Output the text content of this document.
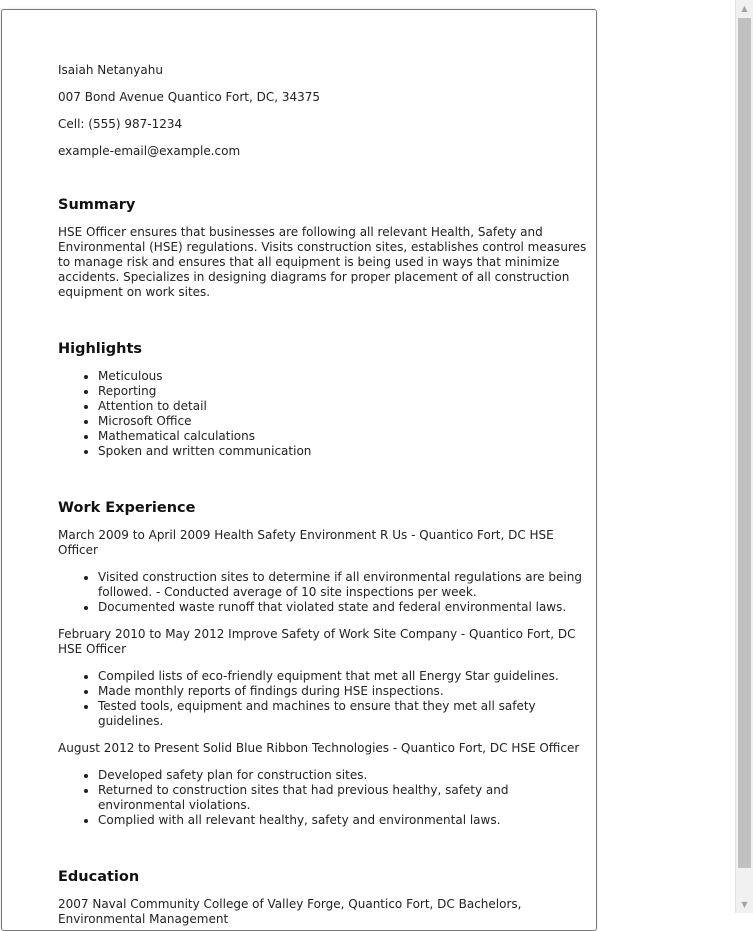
Isaiah Netanyahu

007 Bond Avenue Quantico Fort, DC, 34375

Cell: (555) 987-1234

example-email@example.com

Summary

HSE Officer ensures that businesses are following all relevant Health, Safety and Environmental (HSE) regulations. Visits construction sites, establishes control measures to manage risk and ensures that all equipment is being used in ways that minimize accidents. Specializes in designing diagrams for proper placement of all construction equipment on work sites.

Highlights
• Meticulous
• Reporting
• Attention to detail
• Microsoft Office
• Mathematical calculations
• Spoken and written communication
Work Experience

March 2009 to April 2009 Health Safety Environment R Us - Quantico Fort, DC HSE Officer

• Visited construction sites to determine if all environmental regulations are being followed. - Conducted average of 10 site inspections per week.
• Documented waste runoff that violated state and federal environmental laws.

February 2010 to May 2012 Improve Safety of Work Site Company - Quantico Fort, DC HSE Officer

• Compiled lists of eco-friendly equipment that met all Energy Star guidelines.
• Made monthly reports of findings during HSE inspections.
• Tested tools, equipment and machines to ensure that they met all safety guidelines.

August 2012 to Present Solid Blue Ribbon Technologies - Quantico Fort, DC HSE Officer

• Developed safety plan for construction sites.
• Returned to construction sites that had previous healthy, safety and environmental violations.
• Complied with all relevant healthy, safety and environmental laws.
Education

2007 Naval Community College of Valley Forge, Quantico Fort, DC Bachelors, Environmental Management

▲
▼
